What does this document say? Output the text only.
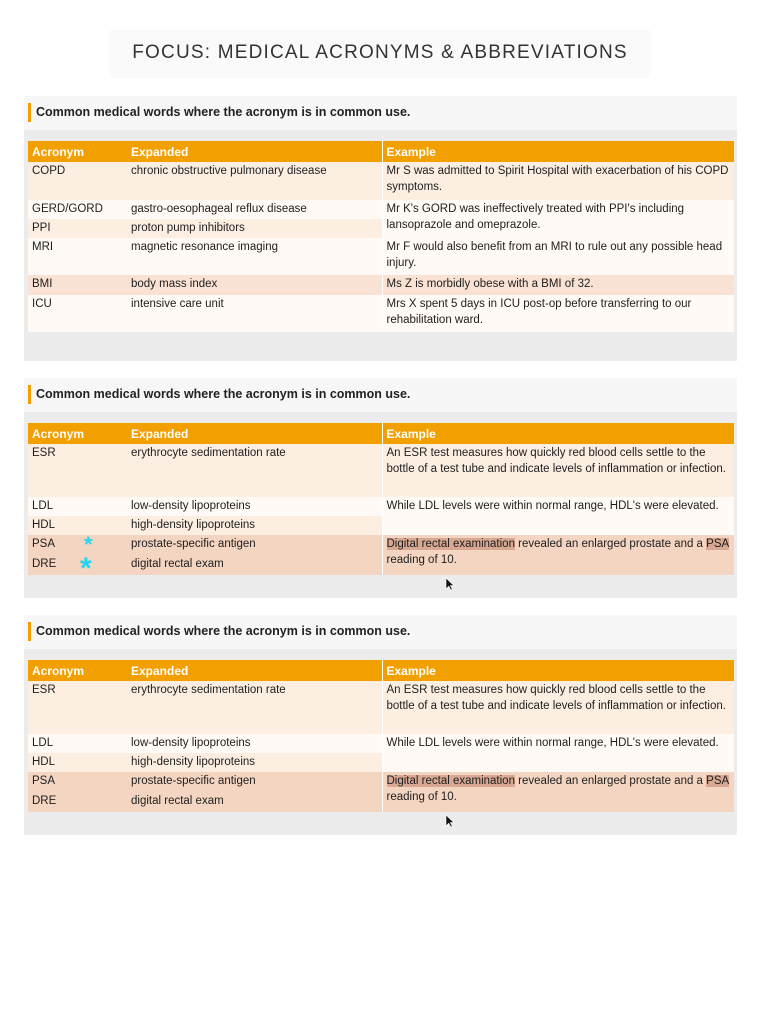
FOCUS: MEDICAL ACRONYMS & ABBREVIATIONS
Common medical words where the acronym is in common use.
Acronym	Expanded	Example
COPD	chronic obstructive pulmonary disease	Mr S was admitted to Spirit Hospital with exacerbation of his COPD symptoms.
GERD/GORD	gastro-oesophageal reflux disease	Mr K's GORD was ineffectively treated with PPI's including lansoprazole and omeprazole.
PPI	proton pump inhibitors	
MRI	magnetic resonance imaging	Mr F would also benefit from an MRI to rule out any possible head injury.
BMI	body mass index	Ms Z is morbidly obese with a BMI of 32.
ICU	intensive care unit	Mrs X spent 5 days in ICU post-op before transferring to our rehabilitation ward.
Common medical words where the acronym is in common use.
Acronym	Expanded	Example
ESR	erythrocyte sedimentation rate	An ESR test measures how quickly red blood cells settle to the bottle of a test tube and indicate levels of inflammation or infection.
LDL	low-density lipoproteins	While LDL levels were within normal range, HDL's were elevated.
HDL	high-density lipoproteins	
PSA	prostate-specific antigen	Digital rectal examination revealed an enlarged prostate and a PSA reading of 10.
DRE	digital rectal exam	
*
*
Common medical words where the acronym is in common use.
Acronym	Expanded	Example
ESR	erythrocyte sedimentation rate	An ESR test measures how quickly red blood cells settle to the bottle of a test tube and indicate levels of inflammation or infection.
LDL	low-density lipoproteins	While LDL levels were within normal range, HDL's were elevated.
HDL	high-density lipoproteins	
PSA	prostate-specific antigen	Digital rectal examination revealed an enlarged prostate and a PSA reading of 10.
DRE	digital rectal exam	
